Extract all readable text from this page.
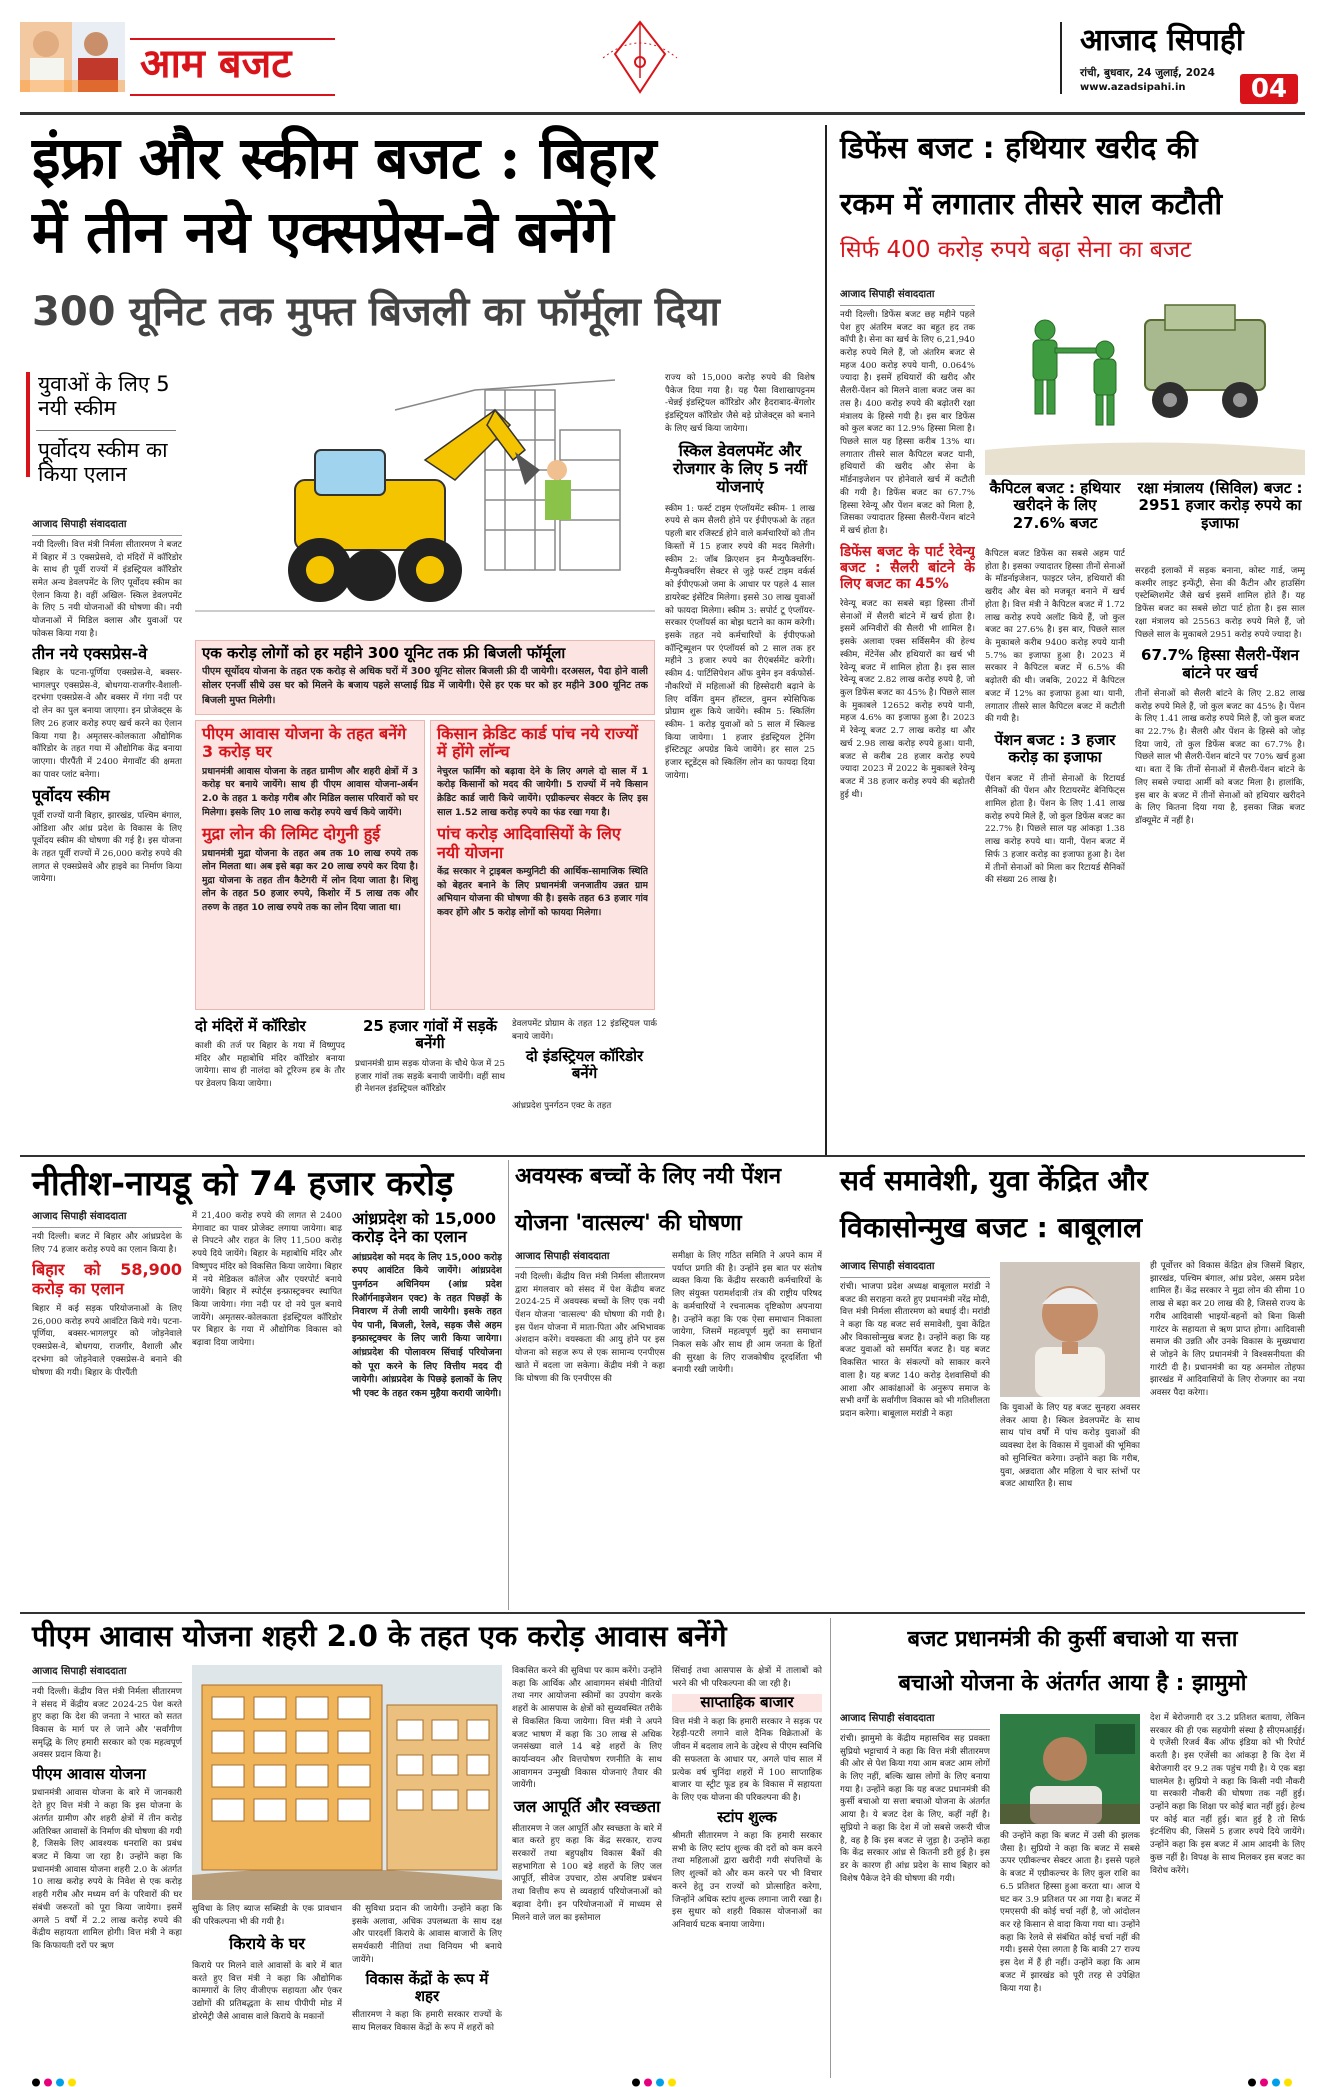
आम बजट
आजाद सिपाही
रांची, बुधवार, 24 जुलाई, 2024
www.azadsipahi.in	04
इंफ्रा और स्कीम बजट : बिहार
में तीन नये एक्सप्रेस-वे बनेंगे
300 यूनिट तक मुफ्त बिजली का फॉर्मूला दिया
युवाओं के लिए 5 नयी स्कीम
पूर्वोदय स्कीम का किया एलान
आजाद सिपाही संवाददाता

नयी दिल्ली। वित्त मंत्री निर्मला सीतारमण ने बजट में बिहार में 3 एक्सप्रेसवे, दो मंदिरों में कॉरिडोर के साथ ही पूर्वी राज्यों में इंडस्ट्रियल कॉरिडोर समेत अन्य डेवलपमेंट के लिए पूर्वोदय स्कीम का ऐलान किया है। वहीं अखिल- स्किल डेवलपमेंट के लिए 5 नयी योजनाओं की घोषणा की। नयी योजनाओं में मिडिल क्लास और युवाओं पर फोकस किया गया है।

तीन नये एक्सप्रेस-वे

बिहार के पटना-पूर्णिया एक्सप्रेस-वे, बक्सर-भागलपुर एक्सप्रेस-वे, बोधगया-राजगीर-वैशाली-दरभंगा एक्सप्रेस-वे और बक्सर में गंगा नदी पर दो लेन का पुल बनाया जाएगा। इन प्रोजेक्ट्स के लिए 26 हजार करोड़ रुपए खर्च करने का ऐलान किया गया है। अमृतसर-कोलकाता औद्योगिक कॉरिडोर के तहत गया में औद्योगिक केंद्र बनाया जाएगा। पीरपैंती में 2400 मेगावॉट की क्षमता का पावर प्लांट बनेगा।

पूर्वोदय स्कीम

पूर्वी राज्यों यानी बिहार, झारखंड, पश्चिम बंगाल, ओडिशा और आंध्र प्रदेश के विकास के लिए पूर्वोदय स्कीम की घोषणा की गई है। इस योजना के तहत पूर्वी राज्यों में 26,000 करोड़ रुपये की लागत से एक्सप्रेसवे और हाइवे का निर्माण किया जायेगा।

एक करोड़ लोगों को हर महीने 300 यूनिट तक फ्री बिजली फॉर्मूला
पीएम सूर्योदय योजना के तहत एक करोड़ से अधिक घरों में 300 यूनिट सोलर बिजली फ्री दी जायेगी। दरअसल, पैदा होने वाली सोलर एनर्जी सीधे उस घर को मिलने के बजाय पहले सप्लाई ग्रिड में जायेगी। ऐसे हर एक घर को हर महीने 300 यूनिट तक बिजली मुफ्त मिलेगी।
पीएम आवास योजना के तहत बनेंगे 3 करोड़ घर
प्रधानमंत्री आवास योजना के तहत ग्रामीण और शहरी क्षेत्रों में 3 करोड़ घर बनाये जायेंगे। साथ ही पीएम आवास योजना-अर्बन 2.0 के तहत 1 करोड़ गरीब और मिडिल क्लास परिवारों को घर मिलेगा। इसके लिए 10 लाख करोड़ रुपये खर्च किये जायेंगे।
मुद्रा लोन की लिमिट दोगुनी हुई
प्रधानमंत्री मुद्रा योजना के तहत अब तक 10 लाख रुपये तक लोन मिलता था। अब इसे बढ़ा कर 20 लाख रुपये कर दिया है। मुद्रा योजना के तहत तीन कैटेगरी में लोन दिया जाता है। शिशु लोन के तहत 50 हजार रुपये, किशोर में 5 लाख तक और तरुण के तहत 10 लाख रुपये तक का लोन दिया जाता था।
किसान क्रेडिट कार्ड पांच नये राज्यों में होंगे लॉन्च
नेचुरल फार्मिंग को बढ़ावा देने के लिए अगले दो साल में 1 करोड़ किसानों को मदद की जायेगी। 5 राज्यों में नये किसान क्रेडिट कार्ड जारी किये जायेंगे। एग्रीकल्चर सेक्टर के लिए इस साल 1.52 लाख करोड़ रुपये का फंड रखा गया है।
पांच करोड़ आदिवासियों के लिए नयी योजना
केंद्र सरकार ने ट्राइबल कम्युनिटी की आर्थिक-सामाजिक स्थिति को बेहतर बनाने के लिए प्रधानमंत्री जनजातीय उन्नत ग्राम अभियान योजना की घोषणा की है। इसके तहत 63 हजार गांव कवर होंगे और 5 करोड़ लोगों को फायदा मिलेगा।
दो मंदिरों में कॉरिडोर
काशी की तर्ज पर बिहार के गया में विष्णुपद मंदिर और महाबोधि मंदिर कॉरिडोर बनाया जायेगा। साथ ही नालंदा को टूरिज्म हब के तौर पर डेवलप किया जायेगा।
25 हजार गांवों में सड़कें बनेंगी
प्रधानमंत्री ग्राम सड़क योजना के चौथे फेज में 25 हजार गांवों तक सड़कें बनायी जायेंगी। वहीं साथ ही नेशनल इंडस्ट्रियल कॉरिडोर
डेवलपमेंट प्रोग्राम के तहत 12 इंडस्ट्रियल पार्क बनाये जायेंगे।
दो इंडस्ट्रियल कॉरिडोर बनेंगे
आंध्रप्रदेश पुनर्गठन एक्ट के तहत

राज्य को 15,000 करोड़ रुपये की विशेष पैकेज दिया गया है। यह पैसा विशाखापट्टनम -चेन्नई इंडस्ट्रियल कॉरिडोर और हैदराबाद-बेंगलोर इंडस्ट्रियल कॉरिडोर जैसे बड़े प्रोजेक्ट्स को बनाने के लिए खर्च किया जायेगा।

स्किल डेवलपमेंट और रोजगार के लिए 5 नयीं योजनाएं

स्कीम 1: फर्स्ट टाइम एंप्लॉयमेंट स्कीम- 1 लाख रुपये से कम सैलरी होने पर ईपीएफओ के तहत पहली बार रजिस्टर्ड होने वाले कर्मचारियों को तीन किस्तों में 15 हजार रुपये की मदद मिलेगी। स्कीम 2: जॉब क्रिएशन इन मैन्युफैक्चरिंग- मैन्युफैक्चरिंग सेक्टर से जुड़े फर्स्ट टाइम वर्कर्स को ईपीएफओ जमा के आधार पर पहले 4 साल डायरेक्ट इंसेंटिव मिलेगा। इससे 30 लाख युवाओं को फायदा मिलेगा। स्कीम 3: सपोर्ट टू एंप्लॉयर- सरकार एंप्लॉयर्स का बोझ घटाने का काम करेगी। इसके तहत नये कर्मचारियों के ईपीएफओ कॉन्ट्रिब्यूशन पर एंप्लॉयर्स को 2 साल तक हर महीने 3 हजार रुपये का रीएंबर्समेंट करेगी। स्कीम 4: पार्टिसिपेशन ऑफ वुमेन इन वर्कफोर्स- नौकरियों में महिलाओं की हिस्सेदारी बढ़ाने के लिए वर्किंग वुमन हॉस्टल, वुमन स्पेसिफिक प्रोग्राम शुरू किये जायेंगे। स्कीम 5: स्किलिंग स्कीम- 1 करोड़ युवाओं को 5 साल में स्किल्ड किया जायेगा। 1 हजार इंडस्ट्रियल ट्रेनिंग इंस्टिट्यूट अपग्रेड किये जायेंगे। हर साल 25 हजार स्टूडेंट्स को स्किलिंग लोन का फायदा दिया जायेगा।

डिफेंस बजट : हथियार खरीद की
रकम में लगातार तीसरे साल कटौती
सिर्फ 400 करोड़ रुपये बढ़ा सेना का बजट
आजाद सिपाही संवाददाता

नयी दिल्ली। डिफेंस बजट छह महीने पहले पेश हुए अंतरिम बजट का बहुत हद तक कॉपी है। सेना का खर्च के लिए 6,21,940 करोड़ रुपये मिले हैं, जो अंतरिम बजट से महज 400 करोड़ रुपये यानी, 0.064% ज्यादा है। इसमें हथियारों की खरीद और सैलरी-पेंशन को मिलने वाला बजट जस का तस है। 400 करोड़ रुपये की बढ़ोतरी रक्षा मंत्रालय के हिस्से गयी है। इस बार डिफेंस को कुल बजट का 12.9% हिस्सा मिला है। पिछले साल यह हिस्सा करीब 13% था। लगातार तीसरे साल कैपिटल बजट यानी, हथियारों की खरीद और सेना के मॉर्डनाइजेशन पर होनेवाले खर्च में कटौती की गयी है। डिफेंस बजट का 67.7% हिस्सा रेवेन्यू और पेंशन बजट को मिला है, जिसका ज्यादातर हिस्सा सैलरी-पेंशन बांटने में खर्च होता है।

डिफेंस बजट के पार्ट रेवेन्यू बजट : सैलरी बांटने के लिए बजट का 45%

रेवेन्यू बजट का सबसे बड़ा हिस्सा तीनों सेनाओं में सैलरी बांटने में खर्च होता है। इसमें अग्निवीरों की सैलरी भी शामिल है। इसके अलावा एक्स सर्विसमैन की हेल्थ स्कीम, मेंटेनेंस और हथियारों का खर्च भी रेवेन्यू बजट में शामिल होता है। इस साल रेवेन्यू बजट 2.82 लाख करोड़ रुपये है, जो कुल डिफेंस बजट का 45% है। पिछले साल के मुकाबले 12652 करोड़ रुपये यानी, महज 4.6% का इजाफा हुआ है। 2023 में रेवेन्यू बजट 2.7 लाख करोड़ था और खर्च 2.98 लाख करोड़ रुपये हुआ। यानी, बजट से करीब 28 हजार करोड़ रुपये ज्यादा 2023 में 2022 के मुकाबले रेवेन्यू बजट में 38 हजार करोड़ रुपये की बढ़ोतरी हुई थी।

कैपिटल बजट : हथियार खरीदने के लिए 27.6% बजट

कैपिटल बजट डिफेंस का सबसे अहम पार्ट होता है। इसका ज्यादातर हिस्सा तीनों सेनाओं के मॉडर्नाइजेशन, फाइटर प्लेन, हथियारों की खरीद और बेस को मजबूत बनाने में खर्च होता है। वित्त मंत्री ने कैपिटल बजट में 1.72 लाख करोड़ रुपये अलॉट किये हैं, जो कुल बजट का 27.6% है। इस बार, पिछले साल के मुकाबले करीब 9400 करोड़ रुपये यानी 5.7% का इजाफा हुआ है। 2023 में सरकार ने कैपिटल बजट में 6.5% की बढ़ोतरी की थी। जबकि, 2022 में कैपिटल बजट में 12% का इजाफा हुआ था। यानी, लगातार तीसरे साल कैपिटल बजट में कटौती की गयी है।

पेंशन बजट : 3 हजार करोड़ का इजाफा

पेंशन बजट में तीनों सेनाओं के रिटायर्ड सैनिकों की पेंशन और रिटायरमेंट बेनिफिट्स शामिल होता है। पेंशन के लिए 1.41 लाख करोड़ रुपये मिले हैं, जो कुल डिफेंस बजट का 22.7% है। पिछले साल यह आंकड़ा 1.38 लाख करोड़ रुपये था। यानी, पेंशन बजट में सिर्फ 3 हजार करोड़ का इजाफा हुआ है। देश में तीनों सेनाओं को मिला कर रिटायर्ड सैनिकों की संख्या 26 लाख है।

रक्षा मंत्रालय (सिविल) बजट : 2951 हजार करोड़ रुपये का इजाफा

सरहदी इलाकों में सड़क बनाना, कोस्ट गार्ड, जम्मू कश्मीर लाइट इन्फेंट्री, सेना की कैंटीन और हाउसिंग एस्टेब्लिशमेंट जैसे खर्च इसमें शामिल होते हैं। यह डिफेंस बजट का सबसे छोटा पार्ट होता है। इस साल रक्षा मंत्रालय को 25563 करोड़ रुपये मिले हैं, जो पिछले साल के मुकाबले 2951 करोड़ रुपये ज्यादा है।

67.7% हिस्सा सैलरी-पेंशन बांटने पर खर्च

तीनों सेनाओं को सैलरी बांटने के लिए 2.82 लाख करोड़ रुपये मिले हैं, जो कुल बजट का 45% है। पेंशन के लिए 1.41 लाख करोड़ रुपये मिले हैं, जो कुल बजट का 22.7% है। सैलरी और पेंशन के हिस्से को जोड़ दिया जाये, तो कुल डिफेंस बजट का 67.7% है। पिछले साल भी सैलरी-पेंशन बांटने पर 70% खर्च हुआ था। बता दें कि तीनों सेनाओं में सैलरी-पेंशन बांटने के लिए सबसे ज्यादा आर्मी को बजट मिला है। हालांकि, इस बार के बजट में तीनों सेनाओं को हथियार खरीदने के लिए कितना दिया गया है, इसका जिक्र बजट डॉक्यूमेंट में नहीं है।

नीतीश-नायडू को 74 हजार करोड़
आजाद सिपाही संवाददाता

नयी दिल्ली। बजट में बिहार और आंध्रप्रदेश के लिए 74 हजार करोड़ रुपये का एलान किया है।

बिहार को 58,900 करोड़ का एलान

बिहार में कई सड़क परियोजनाओं के लिए 26,000 करोड़ रुपये आवंटित किये गये। पटना-पूर्णिया, बक्सर-भागलपुर को जोड़नेवाले एक्सप्रेस-वे, बोधगया, राजगीर, वैशाली और दरभंगा को जोड़नेवाले एक्सप्रेस-वे बनाने की घोषणा की गयी। बिहार के पीरपैंती

में 21,400 करोड़ रुपये की लागत से 2400 मेगावाट का पावर प्रोजेक्ट लगाया जायेगा। बाढ़ से निपटने और राहत के लिए 11,500 करोड़ रुपये दिये जायेंगे। बिहार के महाबोधि मंदिर और विष्णुपद मंदिर को विकसित किया जायेगा। बिहार में नये मेडिकल कॉलेज और एयरपोर्ट बनाये जायेंगे। बिहार में स्पोर्ट्स इन्फ्रास्ट्रक्चर स्थापित किया जायेगा। गंगा नदी पर दो नये पुल बनाये जायेंगे। अमृतसर-कोलकाता इंडस्ट्रियल कॉरिडोर पर बिहार के गया में औद्योगिक विकास को बढ़ावा दिया जायेगा।
आंध्रप्रदेश को 15,000 करोड़ देने का एलान
आंध्रप्रदेश को मदद के लिए 15,000 करोड़ रुपए आवंटित किये जायेंगे। आंध्रप्रदेश पुनर्गठन अधिनियम (आंध्र प्रदेश रिऑर्गनाइजेशन एक्ट) के तहत पिछड़ों के निवारण में तेजी लायी जायेगी। इसके तहत पेय पानी, बिजली, रेलवे, सड़क जैसे अहम इन्फ्रास्ट्रक्चर के लिए जारी किया जायेगा। आंध्रप्रदेश की पोलावरम सिंचाई परियोजना को पूरा करने के लिए वित्तीय मदद दी जायेगी। आंध्रप्रदेश के पिछड़े इलाकों के लिए भी एक्ट के तहत रकम मुहैया करायी जायेगी।
अवयस्क बच्चों के लिए नयी पेंशन
योजना 'वात्सल्य' की घोषणा
आजाद सिपाही संवाददाता

नयी दिल्ली। केंद्रीय वित्त मंत्री निर्मला सीतारमण द्वारा मंगलवार को संसद में पेश केंद्रीय बजट 2024-25 में अवयस्क बच्चों के लिए एक नयी पेंशन योजना 'वात्सल्य' की घोषणा की गयी है। इस पेंशन योजना में माता-पिता और अभिभावक अंशदान करेंगे। वयस्कता की आयु होने पर इस योजना को सहज रूप से एक सामान्य एनपीएस खाते में बदला जा सकेगा। केंद्रीय मंत्री ने कहा कि घोषणा की कि एनपीएस की

समीक्षा के लिए गठित समिति ने अपने काम में पर्याप्त प्रगति की है। उन्होंने इस बात पर संतोष व्यक्त किया कि केंद्रीय सरकारी कर्मचारियों के लिए संयुक्त परामर्शदात्री तंत्र की राष्ट्रीय परिषद के कर्मचारियों ने रचनात्मक दृष्टिकोण अपनाया है। उन्होंने कहा कि एक ऐसा समाधान निकाला जायेगा, जिसमें महत्वपूर्ण मुद्दों का समाधान निकल सके और साथ ही आम जनता के हितों की सुरक्षा के लिए राजकोषीय दूरदर्शिता भी बनायी रखी जायेगी।
सर्व समावेशी, युवा केंद्रित और
विकासोन्मुख बजट : बाबूलाल
आजाद सिपाही संवाददाता

रांची। भाजपा प्रदेश अध्यक्ष बाबूलाल मरांडी ने बजट की सराहना करते हुए प्रधानमंत्री नरेंद्र मोदी, वित्त मंत्री निर्मला सीतारमण को बधाई दी। मरांडी ने कहा कि यह बजट सर्व समावेशी, युवा केंद्रित और विकासोन्मुख बजट है। उन्होंने कहा कि यह बजट युवाओं को समर्पित बजट है। यह बजट विकसित भारत के संकल्पों को साकार करने वाला है। यह बजट 140 करोड़ देशवासियों की आशा और आकांक्षाओं के अनुरूप समाज के सभी वर्गों के सर्वांगीण विकास को भी गतिशीलता प्रदान करेगा। बाबूलाल मरांडी ने कहा

कि युवाओं के लिए यह बजट सुनहरा अवसर लेकर आया है। स्किल डेवलपमेंट के साथ साथ पांच वर्षों में पांच करोड़ युवाओं की व्यवस्था देश के विकास में युवाओं की भूमिका को सुनिश्चित करेगा। उन्होंने कहा कि गरीब, युवा, अन्नदाता और महिला ये चार स्तंभों पर बजट आधारित है। साथ
ही पूर्वोत्तर को विकास केंद्रित क्षेत्र जिसमें बिहार, झारखंड, पश्चिम बंगाल, आंध्र प्रदेश, असम प्रदेश शामिल हैं। केंद्र सरकार ने मुद्रा लोन की सीमा 10 लाख से बढ़ा कर 20 लाख की है, जिससे राज्य के गरीब आदिवासी भाइयों-बहनों को बिना किसी गारंटर के सहायता से ऋण प्राप्त होगा। आदिवासी समाज की उन्नति और उनके विकास के मुख्यधारा से जोड़ने के लिए प्रधानमंत्री ने विश्वसनीयता की गारंटी दी है। प्रधानमंत्री का यह अनमोल तोहफा झारखंड में आदिवासियों के लिए रोजगार का नया अवसर पैदा करेगा।
पीएम आवास योजना शहरी 2.0 के तहत एक करोड़ आवास बनेंगे
आजाद सिपाही संवाददाता

नयी दिल्ली। केंद्रीय वित्त मंत्री निर्मला सीतारमण ने संसद में केंद्रीय बजट 2024-25 पेश करते हुए कहा कि देश की जनता ने भारत को सतत विकास के मार्ग पर ले जाने और 'सर्वांगीण समृद्धि के लिए हमारी सरकार को एक महत्वपूर्ण अवसर प्रदान किया है।

पीएम आवास योजना

प्रधानमंत्री आवास योजना के बारे में जानकारी देते हुए वित्त मंत्री ने कहा कि इस योजना के अंतर्गत ग्रामीण और शहरी क्षेत्रों में तीन करोड़ अतिरिक्त आवासों के निर्माण की घोषणा की गयी है, जिसके लिए आवश्यक धनराशि का प्रबंध बजट में किया जा रहा है। उन्होंने कहा कि प्रधानमंत्री आवास योजना शहरी 2.0 के अंतर्गत 10 लाख करोड़ रुपये के निवेश से एक करोड़ शहरी गरीब और मध्यम वर्ग के परिवारों की घर संबंधी जरूरतों को पूरा किया जायेगा। इसमें अगले 5 वर्षों में 2.2 लाख करोड़ रुपये की केंद्रीय सहायता शामिल होगी। वित्त मंत्री ने कहा कि किफायती दरों पर ऋण

सुविधा के लिए ब्याज सब्सिडी के एक प्रावधान की परिकल्पना भी की गयी है।
किराये के घर
किराये पर मिलने वाले आवासों के बारे में बात करते हुए वित्त मंत्री ने कहा कि औद्योगिक कामगारों के लिए वीजीएफ सहायता और एंकर उद्योगों की प्रतिबद्धता के साथ पीपीपी मोड में डोरमेट्री जैसे आवास वाले किराये के मकानों

की सुविधा प्रदान की जायेगी। उन्होंने कहा कि इसके अलावा, अधिक उपलब्धता के साथ दक्ष और पारदर्शी किराये के आवास बाजारों के लिए समर्थकारी नीतियां तथा विनियम भी बनाये जायेंगे।

विकास केंद्रों के रूप में शहर

सीतारमण ने कहा कि हमारी सरकार राज्यों के साथ मिलकर विकास केंद्रों के रूप में शहरों को

विकसित करने की सुविधा पर काम करेंगे। उन्होंने कहा कि आर्थिक और आवागमन संबंधी नीतियों तथा नगर आयोजना स्कीमों का उपयोग करके शहरों के आसपास के क्षेत्रों को सुव्यवस्थित तरीके से विकसित किया जायेगा। वित्त मंत्री ने अपने बजट भाषण में कहा कि 30 लाख से अधिक जनसंख्या वाले 14 बड़े शहरों के लिए कार्यान्वयन और वित्तपोषण रणनीति के साथ आवागमन उन्मुखी विकास योजनाएं तैयार की जायेंगी।

जल आपूर्ति और स्वच्छता

सीतारमण ने जल आपूर्ति और स्वच्छता के बारे में बात करते हुए कहा कि केंद्र सरकार, राज्य सरकारों तथा बहुपक्षीय विकास बैंकों की सहभागिता से 100 बड़े शहरों के लिए जल आपूर्ति, सीवेज उपचार, ठोस अपशिष्ट प्रबंधन तथा वित्तीय रूप से व्यवहार्य परियोजनाओं को बढ़ावा देगी। इन परियोजनाओं में माध्यम से मिलने वाले जल का इस्तेमाल

सिंचाई तथा आसपास के क्षेत्रों में तालाबों को भरने की भी परिकल्पना की जा रही है।

साप्ताहिक बाजार

वित्त मंत्री ने कहा कि हमारी सरकार ने सड़क पर रेहड़ी-पटरी लगाने वाले दैनिक विक्रेताओं के जीवन में बदलाव लाने के उद्देश्य से पीएम स्वनिधि की सफलता के आधार पर, अगले पांच साल में प्रत्येक वर्ष चुनिंदा शहरों में 100 साप्ताहिक बाजार या स्ट्रीट फूड हब के विकास में सहायता के लिए एक योजना की परिकल्पना की है।

स्टांप शुल्क

श्रीमती सीतारमण ने कहा कि हमारी सरकार सभी के लिए स्टांप शुल्क की दरों को कम करने तथा महिलाओं द्वारा खरीदी गयी संपत्तियों के लिए शुल्कों को और कम करने पर भी विचार करने हेतु उन राज्यों को प्रोत्साहित करेगा, जिन्होंने अधिक स्टांप शुल्क लगाना जारी रखा है। इस सुधार को शहरी विकास योजनाओं का अनिवार्य घटक बनाया जायेगा।

बजट प्रधानमंत्री की कुर्सी बचाओ या सत्ता
बचाओ योजना के अंतर्गत आया है : झामुमो
आजाद सिपाही संवाददाता

रांची। झामुमो के केंद्रीय महासचिव सह प्रवक्ता सुप्रियो भट्टाचार्य ने कहा कि वित्त मंत्री सीतारमण की ओर से पेश किया गया आम बजट आम लोगों के लिए नहीं, बल्कि खास लोगों के लिए बनाया गया है। उन्होंने कहा कि यह बजट प्रधानमंत्री की कुर्सी बचाओ या सत्ता बचाओ योजना के अंतर्गत आया है। ये बजट देश के लिए, कहीं नहीं है। सुप्रियो ने कहा कि देश में जो सबसे जरूरी चीज है, वह है कि इस बजट से जुड़ा है। उन्होंने कहा कि केंद्र सरकार आंध्र से कितनी डरी हुई है। इस डर के कारण ही आंध्र प्रदेश के साथ बिहार को विशेष पैकेज देने की घोषणा की गयी।

की उन्होंने कहा कि बजट में उसी की झलक जैसा है। सुप्रियो ने कहा कि बजट में सबसे ऊपर एग्रीकल्चर सेक्टर आता है। इससे पहले के बजट में एग्रीकल्चर के लिए कुल राशि का 6.5 प्रतिशत हिस्सा हुआ करता था। आज ये घट कर 3.9 प्रतिशत पर आ गया है। बजट में एमएसपी की कोई चर्चा नहीं है, जो आंदोलन कर रहे किसान से वादा किया गया था। उन्होंने कहा कि रेलवे से संबंधित कोई चर्चा नहीं की गयी। इससे ऐसा लगता है कि बाकी 27 राज्य इस देश में हैं ही नहीं। उन्होंने कहा कि आम बजट में झारखंड को पूरी तरह से उपेक्षित किया गया है।
देश में बेरोजगारी दर 3.2 प्रतिशत बताया, लेकिन सरकार की ही एक सहयोगी संस्था है सीएमआईई। ये एजेंसी रिजर्व बैंक ऑफ इंडिया को भी रिपोर्ट करती है। इस एजेंसी का आंकड़ा है कि देश में बेरोजगारी दर 9.2 तक पहुंच गयी है। ये एक बड़ा घालमेल है। सुप्रियो ने कहा कि किसी नयी नौकरी या सरकारी नौकरी की घोषणा तक नहीं हुई। उन्होंने कहा कि शिक्षा पर कोई बात नहीं हुई। हेल्थ पर कोई बात नहीं हुई। बात हुई है तो सिर्फ इंटर्नशिप की, जिसमें 5 हजार रुपये दिये जायेंगे। उन्होंने कहा कि इस बजट में आम आदमी के लिए कुछ नहीं है। विपक्ष के साथ मिलकर इस बजट का विरोध करेंगे।
